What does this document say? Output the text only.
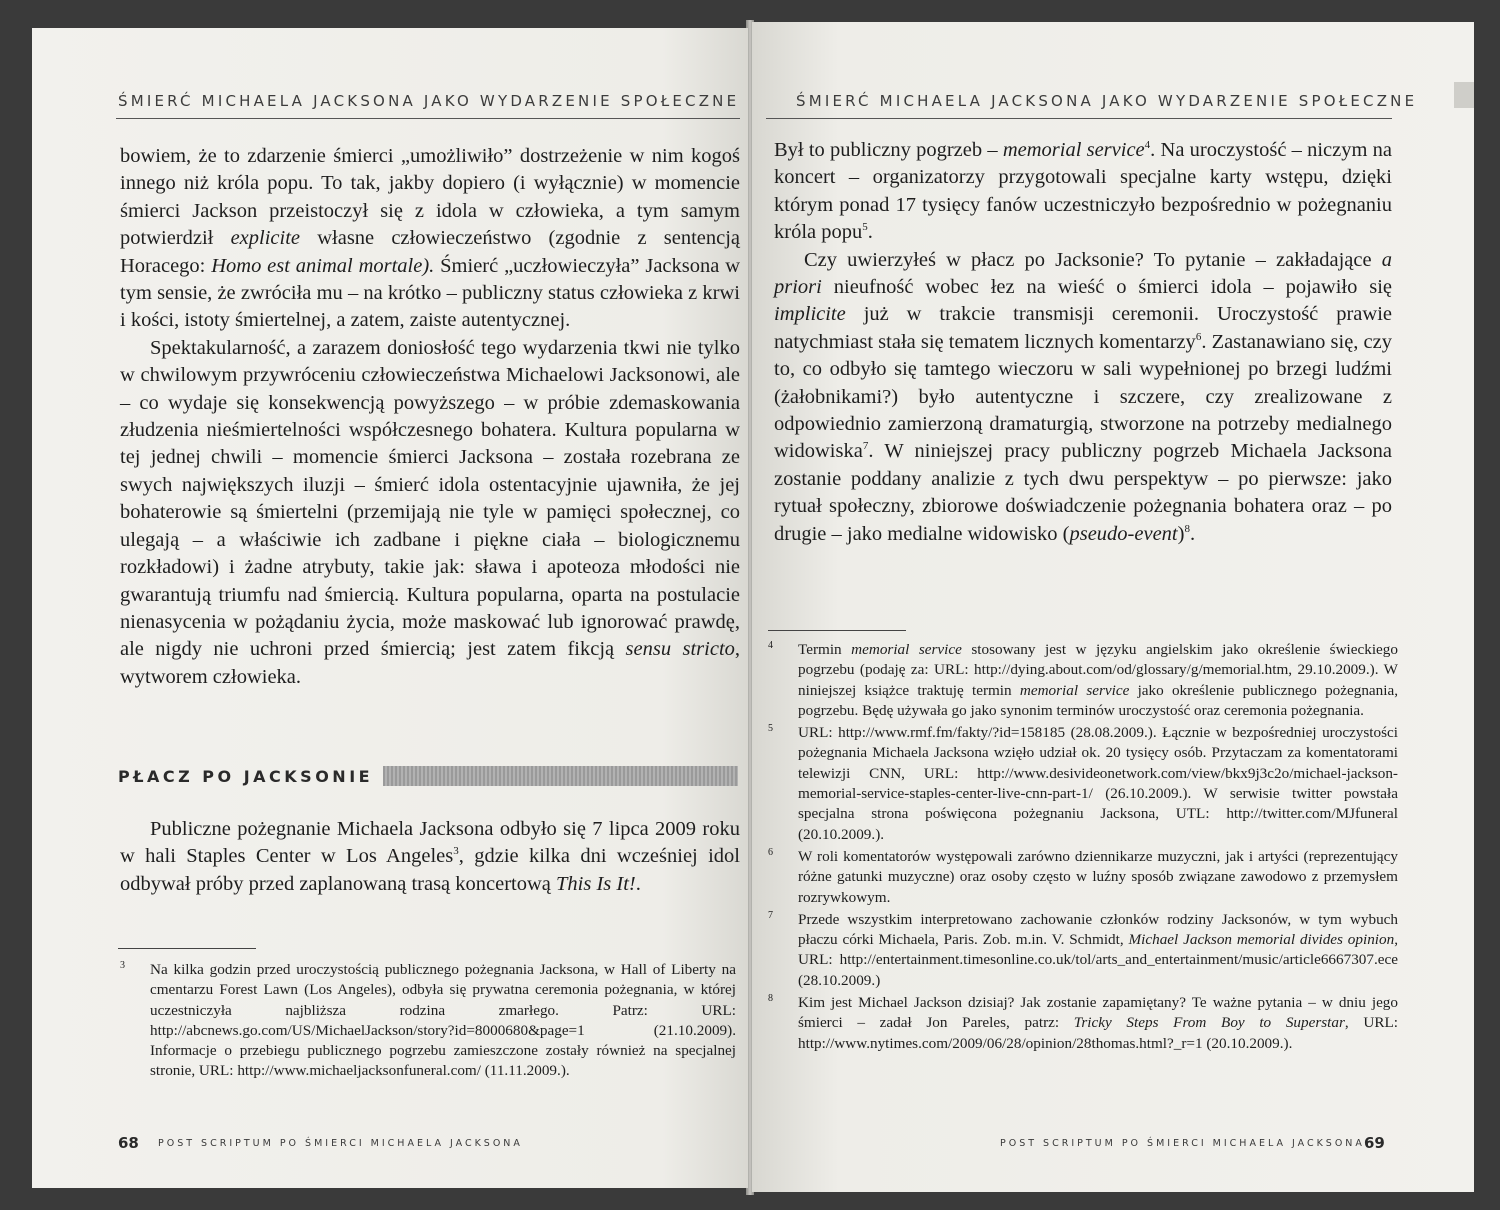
ŚMIERĆ MICHAELA JACKSONA JAKO WYDARZENIE SPOŁECZNE

bowiem, że to zdarzenie śmierci „umożliwiło” dostrzeżenie w nim kogoś innego niż króla popu. To tak, jakby dopiero (i wyłącznie) w momencie śmierci Jackson przeistoczył się z idola w człowieka, a tym samym potwierdził explicite własne człowieczeństwo (zgodnie z sentencją Horacego: Homo est animal mortale). Śmierć „uczłowieczyła” Jacksona w tym sensie, że zwróciła mu – na krótko – publiczny status człowieka z krwi i kości, istoty śmiertelnej, a zatem, zaiste autentycznej.

Spektakularność, a zarazem doniosłość tego wydarzenia tkwi nie tylko w chwilowym przywróceniu człowieczeństwa Michaelowi Jacksonowi, ale – co wydaje się konsekwencją powyższego – w próbie zdemaskowania złudzenia nieśmiertelności współczesnego bohatera. Kultura popularna w tej jednej chwili – momencie śmierci Jacksona – została rozebrana ze swych największych iluzji – śmierć idola ostentacyjnie ujawniła, że jej bohaterowie są śmiertelni (przemijają nie tyle w pamięci społecznej, co ulegają – a właściwie ich zadbane i piękne ciała – biologicznemu rozkładowi) i żadne atrybuty, takie jak: sława i apoteoza młodości nie gwarantują triumfu nad śmiercią. Kultura popularna, oparta na postulacie nienasycenia w pożądaniu życia, może maskować lub ignorować prawdę, ale nigdy nie uchroni przed śmiercią; jest zatem fikcją sensu stricto, wytworem człowieka.

PŁACZ PO JACKSONIE

Publiczne pożegnanie Michaela Jacksona odbyło się 7 lipca 2009 roku w hali Staples Center w Los Angeles$^3$, gdzie kilka dni wcześniej idol odbywał próby przed zaplanowaną trasą koncertową This Is It!.

3 Na kilka godzin przed uroczystością publicznego pożegnania Jacksona, w Hall of Liberty na cmentarzu Forest Lawn (Los Angeles), odbyła się prywatna ceremonia pożegnania, w której uczestniczyła najbliższa rodzina zmarłego. Patrz: URL: http://abcnews.go.com/US/MichaelJackson/story?id=8000680&page=1 (21.10.2009). Informacje o przebiegu publicznego pogrzebu zamieszczone zostały również na specjalnej stronie, URL: http://www.michaeljacksonfuneral.com/ (11.11.2009.).
68 POST SCRIPTUM PO ŚMIERCI MICHAELA JACKSONA
ŚMIERĆ MICHAELA JACKSONA JAKO WYDARZENIE SPOŁECZNE

Był to publiczny pogrzeb – memorial service$^4$. Na uroczystość – niczym na koncert – organizatorzy przygotowali specjalne karty wstępu, dzięki którym ponad 17 tysięcy fanów uczestniczyło bezpośrednio w pożegnaniu króla popu$^5$.

Czy uwierzyłeś w płacz po Jacksonie? To pytanie – zakładające a priori nieufność wobec łez na wieść o śmierci idola – pojawiło się implicite już w trakcie transmisji ceremonii. Uroczystość prawie natychmiast stała się tematem licznych komentarzy$^6$. Zastanawiano się, czy to, co odbyło się tamtego wieczoru w sali wypełnionej po brzegi ludźmi (żałobnikami?) było autentyczne i szczere, czy zrealizowane z odpowiednio zamierzoną dramaturgią, stworzone na potrzeby medialnego widowiska$^7$. W niniejszej pracy publiczny pogrzeb Michaela Jacksona zostanie poddany analizie z tych dwu perspektyw – po pierwsze: jako rytuał społeczny, zbiorowe doświadczenie pożegnania bohatera oraz – po drugie – jako medialne widowisko (pseudo-event)$^8$.

4 Termin memorial service stosowany jest w języku angielskim jako określenie świeckiego pogrzebu (podaję za: URL: http://dying.about.com/od/glossary/g/memorial.htm, 29.10.2009.). W niniejszej książce traktuję termin memorial service jako określenie publicznego pożegnania, pogrzebu. Będę używała go jako synonim terminów uroczystość oraz ceremonia pożegnania.
5 URL: http://www.rmf.fm/fakty/?id=158185 (28.08.2009.). Łącznie w bezpośredniej uroczystości pożegnania Michaela Jacksona wzięło udział ok. 20 tysięcy osób. Przytaczam za komentatorami telewizji CNN, URL: http://www.desivideonetwork.com/view/bkx9j3c2o/michael-jackson-memorial-service-staples-center-live-cnn-part-1/ (26.10.2009.). W serwisie twitter powstała specjalna strona poświęcona pożegnaniu Jacksona, UTL: http://twitter.com/MJfuneral (20.10.2009.).
6 W roli komentatorów występowali zarówno dziennikarze muzyczni, jak i artyści (reprezentujący różne gatunki muzyczne) oraz osoby często w luźny sposób związane zawodowo z przemysłem rozrywkowym.
7 Przede wszystkim interpretowano zachowanie członków rodziny Jacksonów, w tym wybuch płaczu córki Michaela, Paris. Zob. m.in. V. Schmidt, Michael Jackson memorial divides opinion, URL: http://entertainment.timesonline.co.uk/tol/arts_and_entertainment/music/article6667307.ece (28.10.2009.)
8 Kim jest Michael Jackson dzisiaj? Jak zostanie zapamiętany? Te ważne pytania – w dniu jego śmierci – zadał Jon Pareles, patrz: Tricky Steps From Boy to Superstar, URL: http://www.nytimes.com/2009/06/28/opinion/28thomas.html?_r=1 (20.10.2009.).
POST SCRIPTUM PO ŚMIERCI MICHAELA JACKSONA 69
